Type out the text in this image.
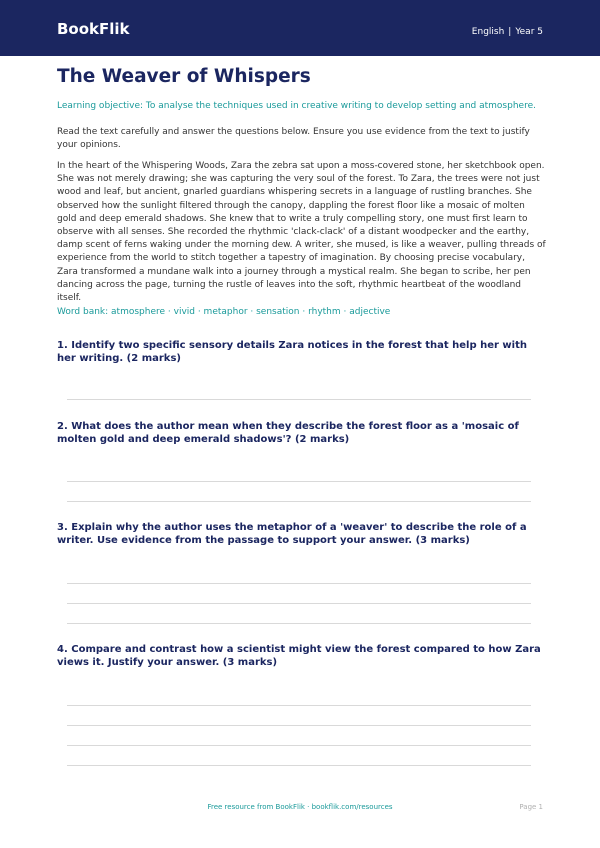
BookFlik	English | Year 5
The Weaver of Whispers
Learning objective: To analyse the techniques used in creative writing to develop setting and atmosphere.

Read the text carefully and answer the questions below. Ensure you use evidence from the text to justify your opinions.

In the heart of the Whispering Woods, Zara the zebra sat upon a moss-covered stone, her sketchbook open. She was not merely drawing; she was capturing the very soul of the forest. To Zara, the trees were not just wood and leaf, but ancient, gnarled guardians whispering secrets in a language of rustling branches. She observed how the sunlight filtered through the canopy, dappling the forest floor like a mosaic of molten gold and deep emerald shadows. She knew that to write a truly compelling story, one must first learn to observe with all senses. She recorded the rhythmic 'clack-clack' of a distant woodpecker and the earthy, damp scent of ferns waking under the morning dew. A writer, she mused, is like a weaver, pulling threads of experience from the world to stitch together a tapestry of imagination. By choosing precise vocabulary, Zara transformed a mundane walk into a journey through a mystical realm. She began to scribe, her pen dancing across the page, turning the rustle of leaves into the soft, rhythmic heartbeat of the woodland itself.

Word bank: atmosphere · vivid · metaphor · sensation · rhythm · adjective

1. Identify two specific sensory details Zara notices in the forest that help her with her writing. (2 marks)

2. What does the author mean when they describe the forest floor as a 'mosaic of molten gold and deep emerald shadows'? (2 marks)

3. Explain why the author uses the metaphor of a 'weaver' to describe the role of a writer. Use evidence from the passage to support your answer. (3 marks)

4. Compare and contrast how a scientist might view the forest compared to how Zara views it. Justify your answer. (3 marks)

Free resource from BookFlik · bookflik.com/resources	Page 1
